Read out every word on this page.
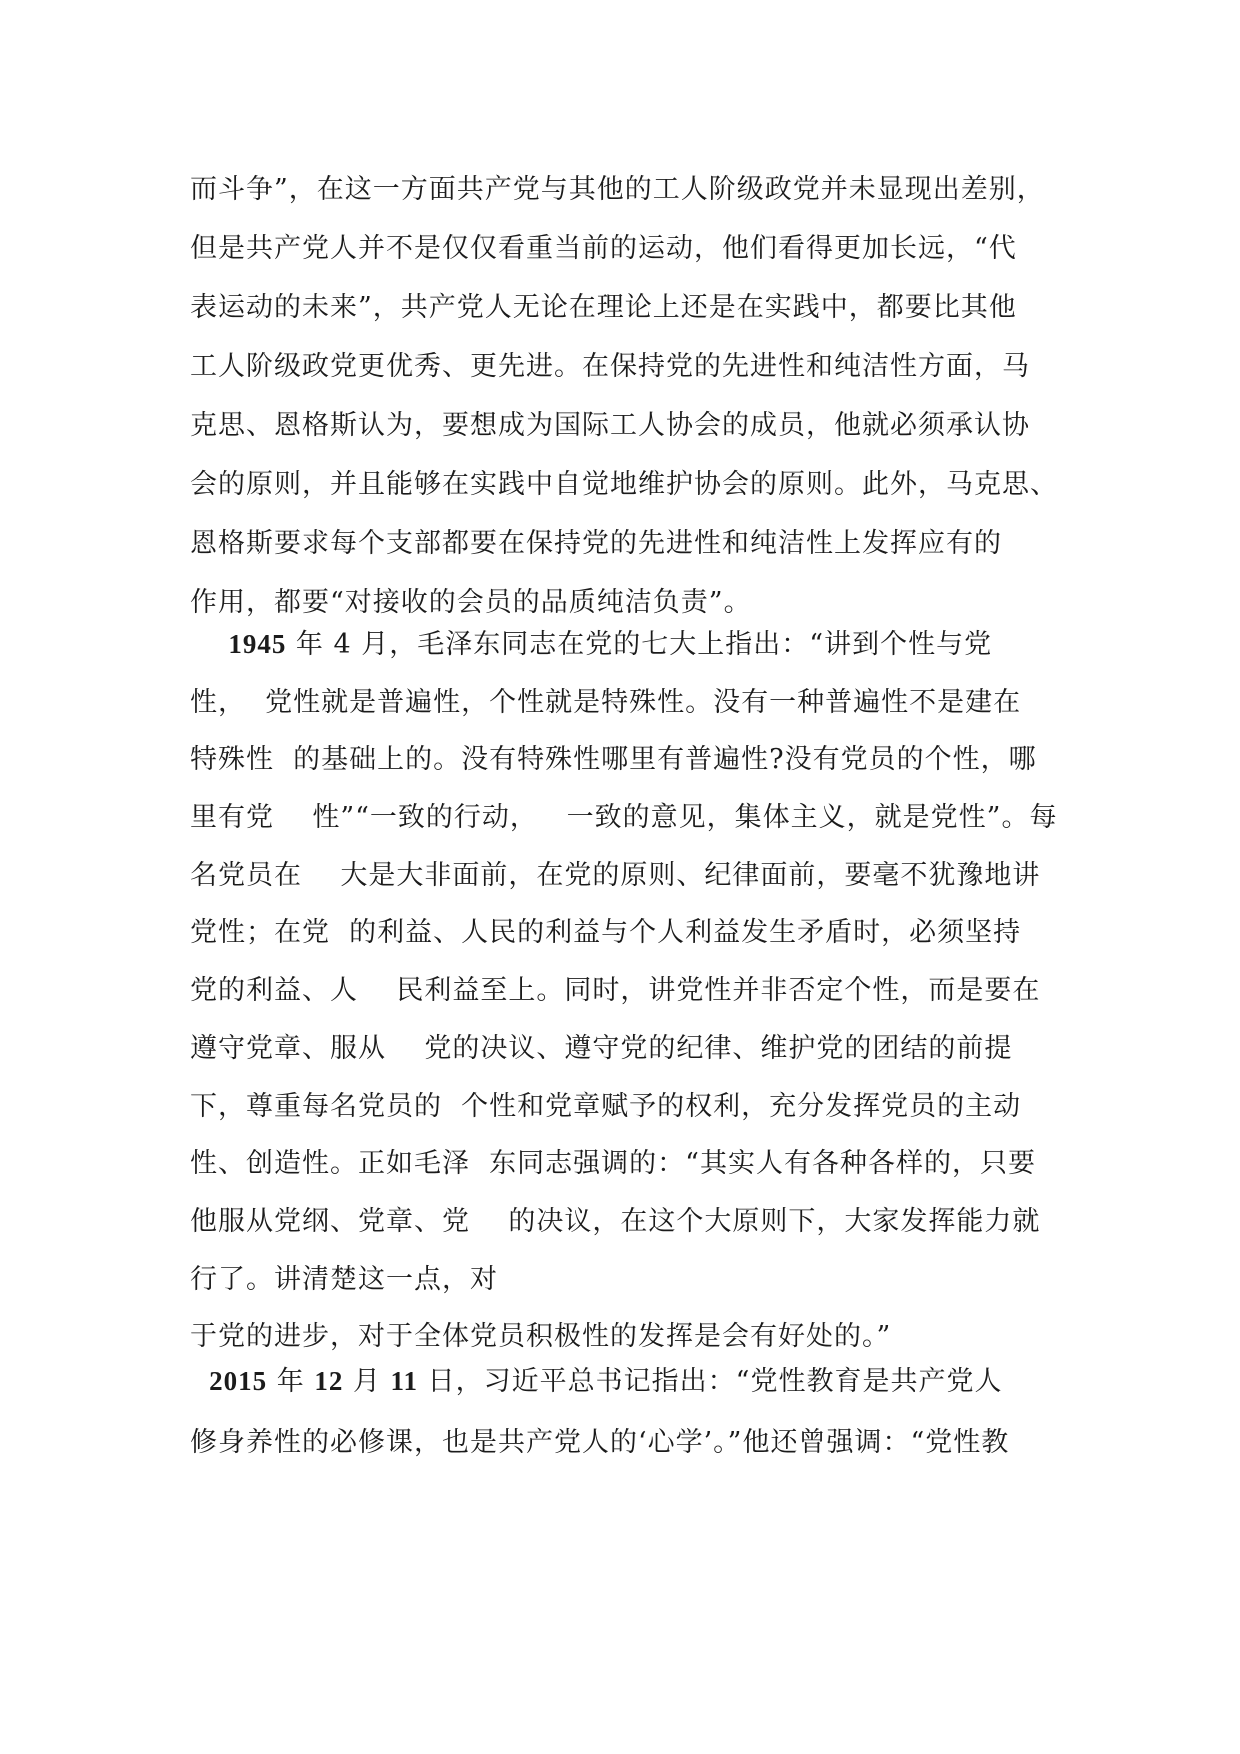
而斗争”，在这一方面共产党与其他的工人阶级政党并未显现出差别，
但是共产党人并不是仅仅看重当前的运动，他们看得更加长远，“代
表运动的未来”，共产党人无论在理论上还是在实践中，都要比其他
工人阶级政党更优秀、更先进。在保持党的先进性和纯洁性方面，马
克思、恩格斯认为，要想成为国际工人协会的成员，他就必须承认协
会的原则，并且能够在实践中自觉地维护协会的原则。此外，马克思、
恩格斯要求每个支部都要在保持党的先进性和纯洁性上发挥应有的
作用，都要“对接收的会员的品质纯洁负责”。
1945 年 4 月，毛泽东同志在党的七大上指出：“讲到个性与党
性，  党性就是普遍性，个性就是特殊性。没有一种普遍性不是建在
特殊性  的基础上的。没有特殊性哪里有普遍性?没有党员的个性，哪
里有党    性”“一致的行动，   一致的意见，集体主义，就是党性”。每
名党员在    大是大非面前，在党的原则、纪律面前，要毫不犹豫地讲
党性；在党  的利益、人民的利益与个人利益发生矛盾时，必须坚持
党的利益、人    民利益至上。同时，讲党性并非否定个性，而是要在
遵守党章、服从    党的决议、遵守党的纪律、维护党的团结的前提
下，尊重每名党员的  个性和党章赋予的权利，充分发挥党员的主动
性、创造性。正如毛泽  东同志强调的：“其实人有各种各样的，只要
他服从党纲、党章、党    的决议，在这个大原则下，大家发挥能力就
行了。讲清楚这一点，对
于党的进步，对于全体党员积极性的发挥是会有好处的。”
2015 年 12 月 11 日，习近平总书记指出：“党性教育是共产党人
修身养性的必修课，也是共产党人的‘心学’。”他还曾强调：“党性教
